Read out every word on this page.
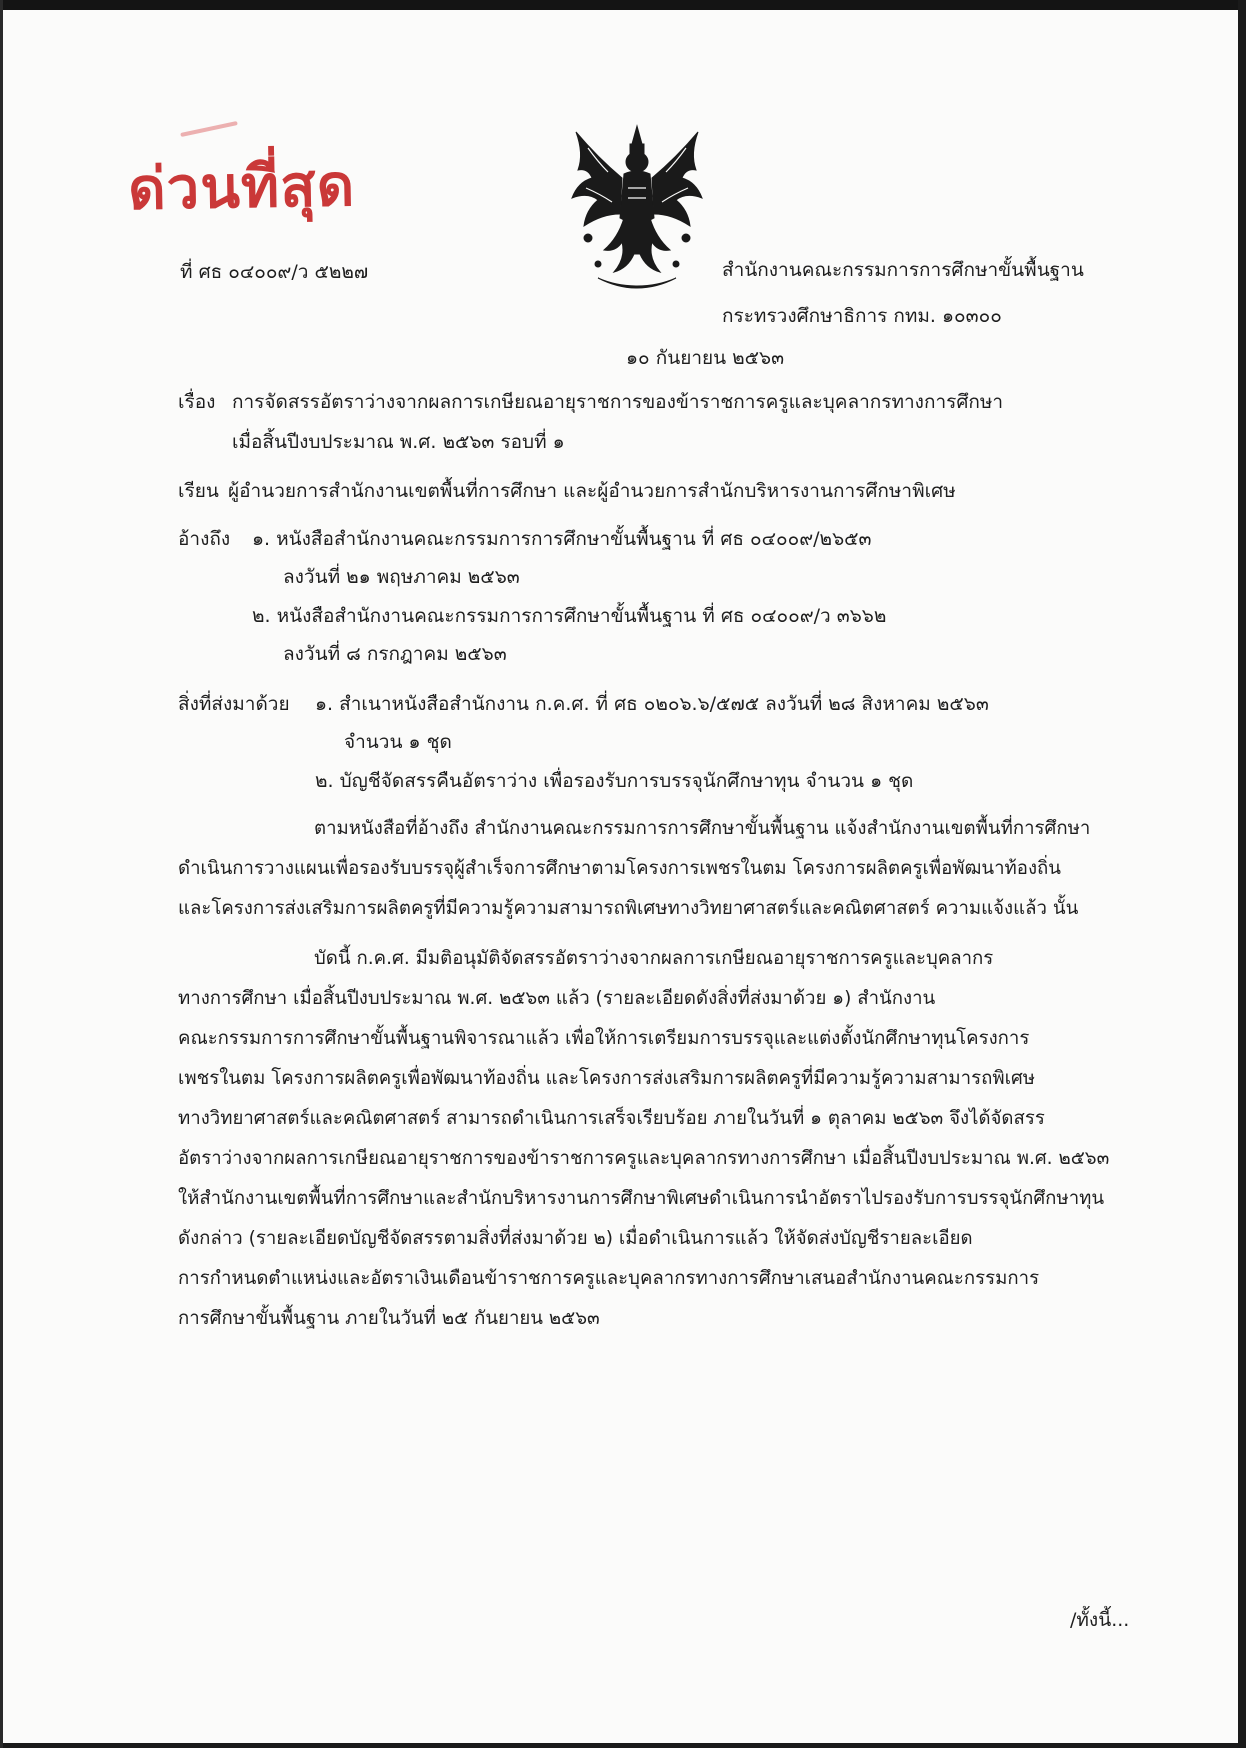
ด่วนที่สุด
ที่ ศธ ๐๔๐๐๙/ว ๕๒๒๗	สำนักงานคณะกรรมการการศึกษาขั้นพื้นฐาน
กระทรวงศึกษาธิการ กทม. ๑๐๓๐๐
๑๐ กันยายน ๒๕๖๓
เรื่อง การจัดสรรอัตราว่างจากผลการเกษียณอายุราชการของข้าราชการครูและบุคลากรทางการศึกษา
เมื่อสิ้นปีงบประมาณ พ.ศ. ๒๕๖๓ รอบที่ ๑
เรียน ผู้อำนวยการสำนักงานเขตพื้นที่การศึกษา และผู้อำนวยการสำนักบริหารงานการศึกษาพิเศษ
อ้างถึง ๑. หนังสือสำนักงานคณะกรรมการการศึกษาขั้นพื้นฐาน ที่ ศธ ๐๔๐๐๙/๒๖๕๓
ลงวันที่ ๒๑ พฤษภาคม ๒๕๖๓
๒. หนังสือสำนักงานคณะกรรมการการศึกษาขั้นพื้นฐาน ที่ ศธ ๐๔๐๐๙/ว ๓๖๖๒
ลงวันที่ ๘ กรกฎาคม ๒๕๖๓
สิ่งที่ส่งมาด้วย ๑. สำเนาหนังสือสำนักงาน ก.ค.ศ. ที่ ศธ ๐๒๐๖.๖/๕๗๕ ลงวันที่ ๒๘ สิงหาคม ๒๕๖๓
จำนวน ๑ ชุด
๒. บัญชีจัดสรรคืนอัตราว่าง เพื่อรองรับการบรรจุนักศึกษาทุน จำนวน ๑ ชุด
ตามหนังสือที่อ้างถึง สำนักงานคณะกรรมการการศึกษาขั้นพื้นฐาน แจ้งสำนักงานเขตพื้นที่การศึกษา
ดำเนินการวางแผนเพื่อรองรับบรรจุผู้สำเร็จการศึกษาตามโครงการเพชรในตม โครงการผลิตครูเพื่อพัฒนาท้องถิ่น
และโครงการส่งเสริมการผลิตครูที่มีความรู้ความสามารถพิเศษทางวิทยาศาสตร์และคณิตศาสตร์ ความแจ้งแล้ว นั้น
บัดนี้ ก.ค.ศ. มีมติอนุมัติจัดสรรอัตราว่างจากผลการเกษียณอายุราชการครูและบุคลากร
ทางการศึกษา เมื่อสิ้นปีงบประมาณ พ.ศ. ๒๕๖๓ แล้ว (รายละเอียดดังสิ่งที่ส่งมาด้วย ๑) สำนักงาน
คณะกรรมการการศึกษาขั้นพื้นฐานพิจารณาแล้ว เพื่อให้การเตรียมการบรรจุและแต่งตั้งนักศึกษาทุนโครงการ
เพชรในตม โครงการผลิตครูเพื่อพัฒนาท้องถิ่น และโครงการส่งเสริมการผลิตครูที่มีความรู้ความสามารถพิเศษ
ทางวิทยาศาสตร์และคณิตศาสตร์ สามารถดำเนินการเสร็จเรียบร้อย ภายในวันที่ ๑ ตุลาคม ๒๕๖๓ จึงได้จัดสรร
อัตราว่างจากผลการเกษียณอายุราชการของข้าราชการครูและบุคลากรทางการศึกษา เมื่อสิ้นปีงบประมาณ พ.ศ. ๒๕๖๓
ให้สำนักงานเขตพื้นที่การศึกษาและสำนักบริหารงานการศึกษาพิเศษดำเนินการนำอัตราไปรองรับการบรรจุนักศึกษาทุน
ดังกล่าว (รายละเอียดบัญชีจัดสรรตามสิ่งที่ส่งมาด้วย ๒) เมื่อดำเนินการแล้ว ให้จัดส่งบัญชีรายละเอียด
การกำหนดตำแหน่งและอัตราเงินเดือนข้าราชการครูและบุคลากรทางการศึกษาเสนอสำนักงานคณะกรรมการ
การศึกษาขั้นพื้นฐาน ภายในวันที่ ๒๕ กันยายน ๒๕๖๓
/ทั้งนี้...
